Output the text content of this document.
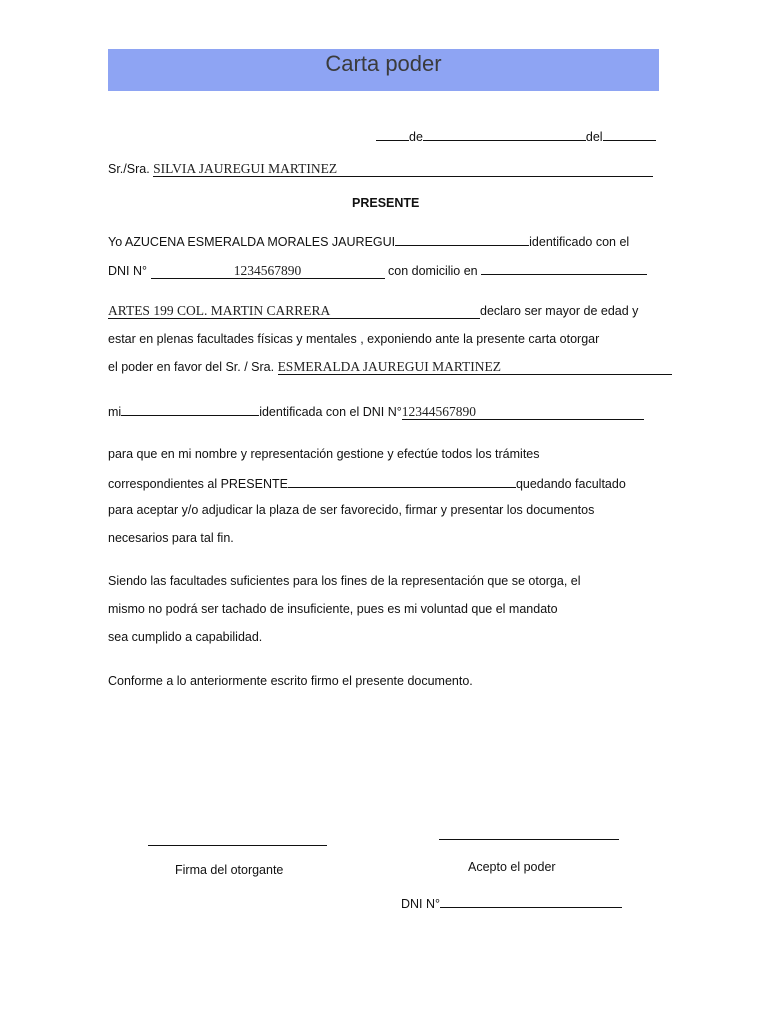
Carta poder
de	del
Sr./Sra. SILVIA JAUREGUI MARTINEZ
PRESENTE
Yo AZUCENA ESMERALDA MORALES JAUREGUI	identificado con el
DNI N°	1234567890	con domicilio en
ARTES 199 COL. MARTIN CARRERA	declaro ser mayor de edad y
estar en plenas facultades físicas y mentales , exponiendo ante la presente carta otorgar
el poder en favor del Sr. / Sra. ESMERALDA JAUREGUI MARTINEZ
mi	identificada con el DNI N°12344567890
para que en mi nombre y representación gestione y efectúe todos los trámites
correspondientes al PRESENTE	quedando facultado
para aceptar y/o adjudicar la plaza de ser favorecido, firmar y presentar los documentos
necesarios para tal fin.
Siendo las facultades suficientes para los fines de la representación que se otorga, el
mismo no podrá ser tachado de insuficiente, pues es mi voluntad que el mandato
sea cumplido a capabilidad.
Conforme a lo anteriormente escrito firmo el presente documento.
Firma del otorgante	Acepto el poder
DNI N°
